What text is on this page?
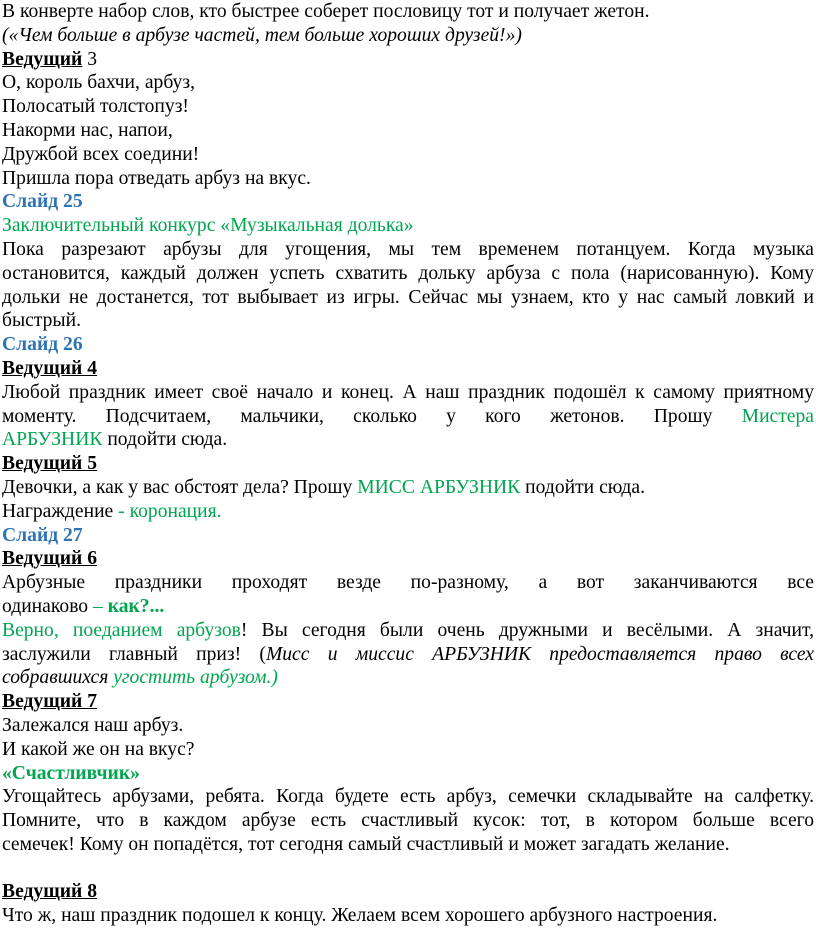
В конверте набор слов, кто быстрее соберет пословицу тот и получает жетон.

(«Чем больше в арбузе частей, тем больше хороших друзей!»)

Ведущий 3

О, король бахчи, арбуз,

Полосатый толстопуз!

Накорми нас, напои,

Дружбой всех соедини!

Пришла пора отведать арбуз на вкус.

Слайд 25

Заключительный конкурс «Музыкальная долька»

Пока разрезают арбузы для угощения, мы тем временем потанцуем. Когда музыка

остановится, каждый должен успеть схватить дольку арбуза с пола (нарисованную). Кому

дольки не достанется, тот выбывает из игры. Сейчас мы узнаем, кто у нас самый ловкий и

быстрый.

Слайд 26

Ведущий 4

Любой праздник имеет своё начало и конец. А наш праздник подошёл к самому приятному

моменту. Подсчитаем, мальчики, сколько у кого жетонов. Прошу Мистера

АРБУЗНИК подойти сюда.

Ведущий 5

Девочки, а как у вас обстоят дела? Прошу МИСС АРБУЗНИК подойти сюда.

Награждение - коронация.

Слайд 27

Ведущий 6

Арбузные праздники проходят везде по-разному, а вот заканчиваются все

одинаково – как?...

Верно, поеданием арбузов! Вы сегодня были очень дружными и весёлыми. А значит,

заслужили главный приз! (Мисс и миссис АРБУЗНИК предоставляется право всех

собравшихся угостить арбузом.)

Ведущий 7

Залежался наш арбуз.

И какой же он на вкус?

«Счастливчик»

Угощайтесь арбузами, ребята. Когда будете есть арбуз, семечки складывайте на салфетку.

Помните, что в каждом арбузе есть счастливый кусок: тот, в котором больше всего

семечек! Кому он попадётся, тот сегодня самый счастливый и может загадать желание.

Ведущий 8

Что ж, наш праздник подошел к концу. Желаем всем хорошего арбузного настроения.
